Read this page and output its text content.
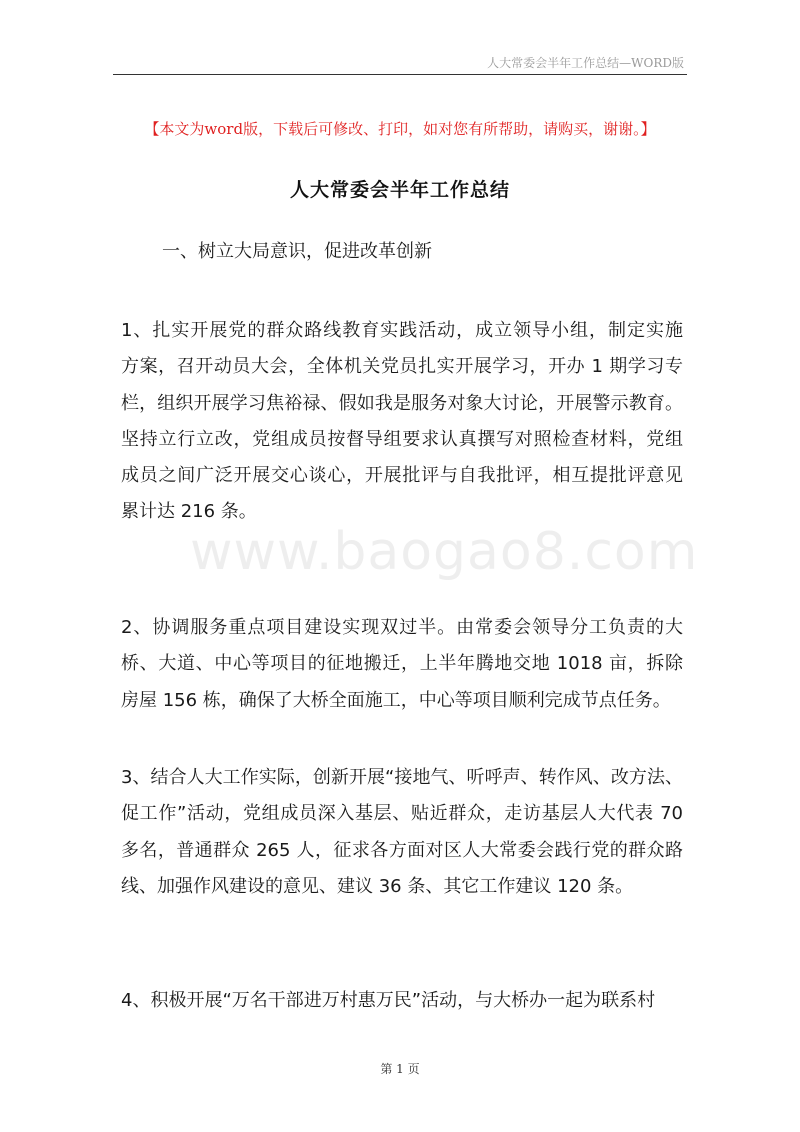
人大常委会半年工作总结—WORD版
【本文为word版，下载后可修改、打印，如对您有所帮助，请购买，谢谢。】
人大常委会半年工作总结
一、树立大局意识，促进改革创新
www.baogao8.com
1、扎实开展党的群众路线教育实践活动，成立领导小组，制定实施
方案，召开动员大会，全体机关党员扎实开展学习，开办 1 期学习专
栏，组织开展学习焦裕禄、假如我是服务对象大讨论，开展警示教育。
坚持立行立改，党组成员按督导组要求认真撰写对照检查材料，党组
成员之间广泛开展交心谈心，开展批评与自我批评，相互提批评意见
累计达 216 条。
2、协调服务重点项目建设实现双过半。由常委会领导分工负责的大
桥、大道、中心等项目的征地搬迁，上半年腾地交地 1018 亩，拆除
房屋 156 栋，确保了大桥全面施工，中心等项目顺利完成节点任务。
3、结合人大工作实际，创新开展“接地气、听呼声、转作风、改方法、
促工作”活动，党组成员深入基层、贴近群众，走访基层人大代表 70
多名，普通群众 265 人，征求各方面对区人大常委会践行党的群众路
线、加强作风建设的意见、建议 36 条、其它工作建议 120 条。
4、积极开展“万名干部进万村惠万民”活动，与大桥办一起为联系村
第 1 页
